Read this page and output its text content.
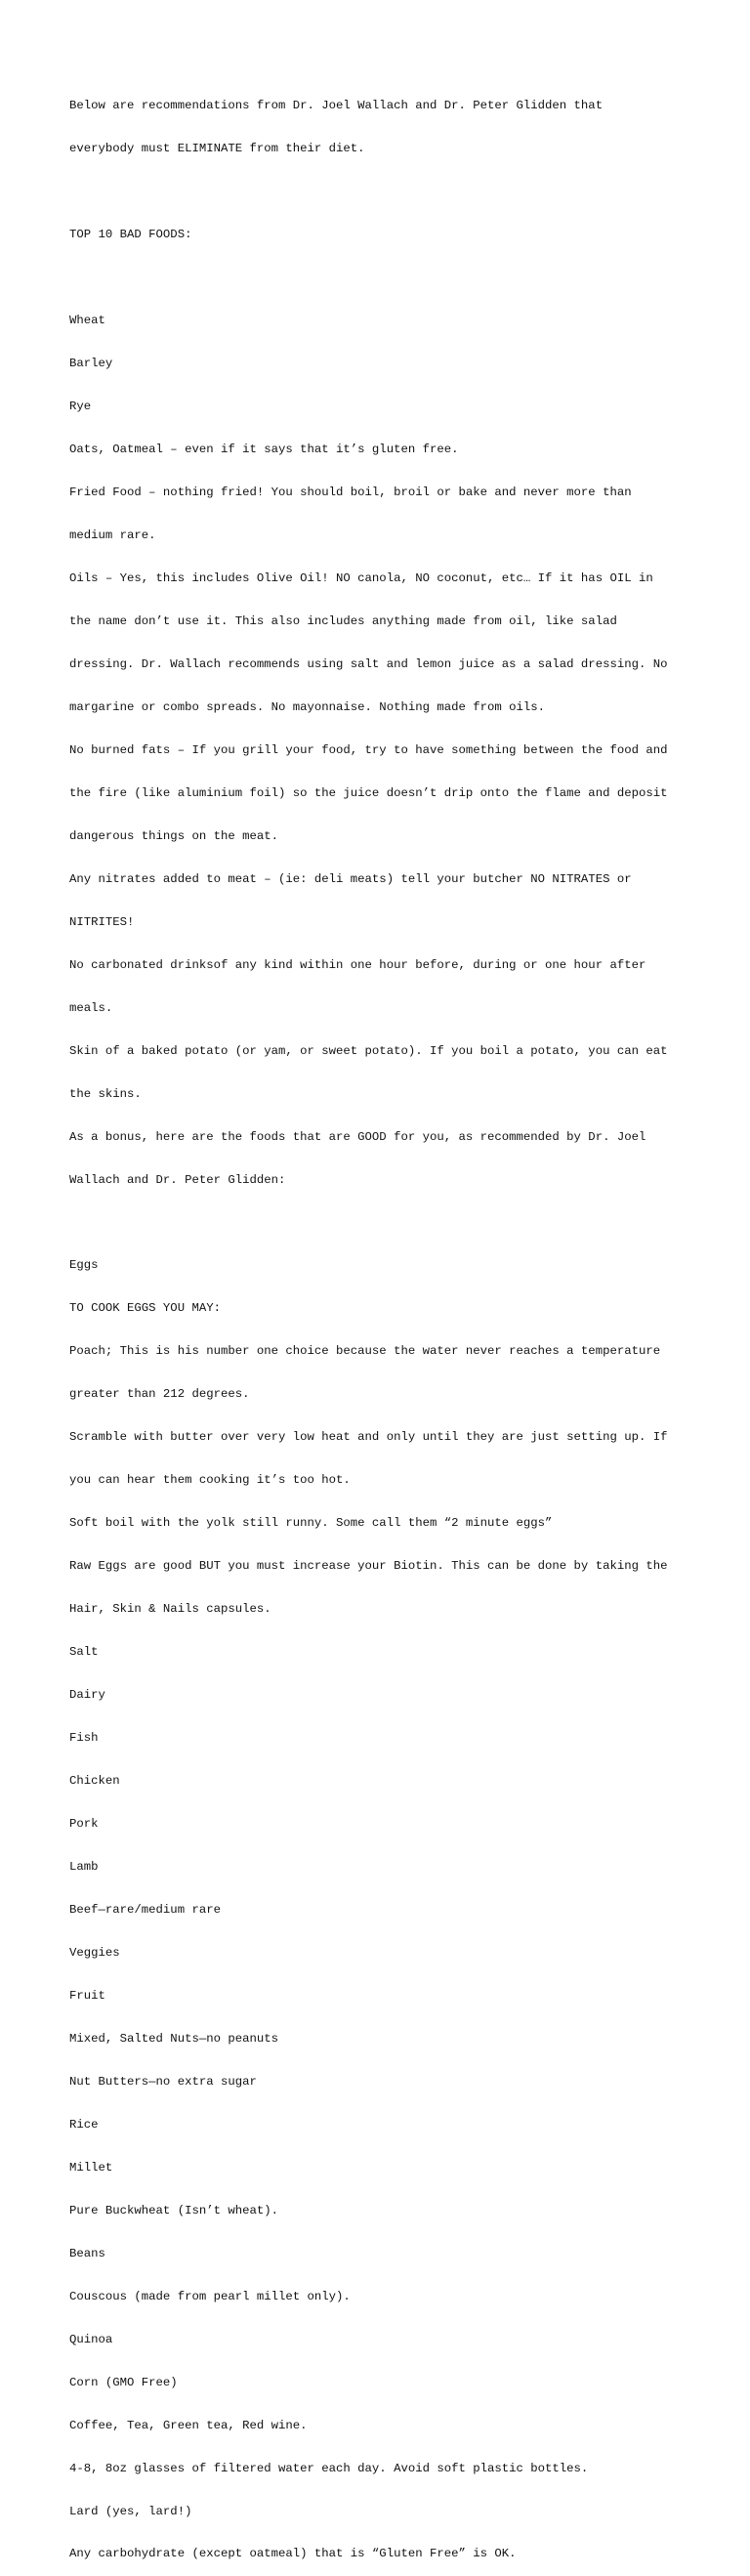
Below are recommendations from Dr. Joel Wallach and Dr. Peter Glidden that

everybody must ELIMINATE from their diet.

TOP 10 BAD FOODS:

Wheat

Barley

Rye

Oats, Oatmeal – even if it says that it’s gluten free.

Fried Food – nothing fried! You should boil, broil or bake and never more than

medium rare.

Oils – Yes, this includes Olive Oil! NO canola, NO coconut, etc… If it has OIL in

the name don’t use it. This also includes anything made from oil, like salad

dressing. Dr. Wallach recommends using salt and lemon juice as a salad dressing. No

margarine or combo spreads. No mayonnaise. Nothing made from oils.

No burned fats – If you grill your food, try to have something between the food and

the fire (like aluminium foil) so the juice doesn’t drip onto the flame and deposit

dangerous things on the meat.

Any nitrates added to meat – (ie: deli meats) tell your butcher NO NITRATES or

NITRITES!

No carbonated drinksof any kind within one hour before, during or one hour after

meals.

Skin of a baked potato (or yam, or sweet potato). If you boil a potato, you can eat

the skins.

As a bonus, here are the foods that are GOOD for you, as recommended by Dr. Joel

Wallach and Dr. Peter Glidden:

Eggs

TO COOK EGGS YOU MAY:

Poach; This is his number one choice because the water never reaches a temperature

greater than 212 degrees.

Scramble with butter over very low heat and only until they are just setting up. If

you can hear them cooking it’s too hot.

Soft boil with the yolk still runny. Some call them “2 minute eggs”

Raw Eggs are good BUT you must increase your Biotin. This can be done by taking the

Hair, Skin & Nails capsules.

Salt

Dairy

Fish

Chicken

Pork

Lamb

Beef—rare/medium rare

Veggies

Fruit

Mixed, Salted Nuts—no peanuts

Nut Butters—no extra sugar

Rice

Millet

Pure Buckwheat (Isn’t wheat).

Beans

Couscous (made from pearl millet only).

Quinoa

Corn (GMO Free)

Coffee, Tea, Green tea, Red wine.

4-8, 8oz glasses of filtered water each day. Avoid soft plastic bottles.

Lard (yes, lard!)

Any carbohydrate (except oatmeal) that is “Gluten Free” is OK.
